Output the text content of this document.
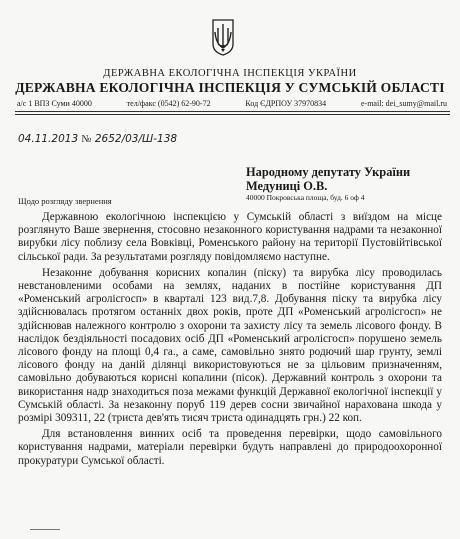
ДЕРЖАВНА ЕКОЛОГІЧНА ІНСПЕКЦІЯ УКРАЇНИ
ДЕРЖАВНА ЕКОЛОГІЧНА ІНСПЕКЦІЯ У СУМСЬКІЙ ОБЛАСТІ
а/с 1 ВПЗ Суми 40000	тел/факс (0542) 62-90-72	Код ЄДРПОУ 37970834	e-mail: dei_sumy@mail.ru
04.11.2013 № 2652/03/Ш-138
Народному депутату України
Медуниці О.В.
40000 Покровська площа, буд. 6 оф 4
Щодо розгляду звернення

Державною екологічною інспекцією у Сумській області з виїздом на місце розглянуто Ваше звернення, стосовно незаконного користування надрами та незаконної вирубки лісу поблизу села Вовківці, Роменського району на території Пустовійтівської сільської ради. За результатами розгляду повідомляємо наступне.

Незаконне добування корисних копалин (піску) та вирубка лісу проводилась невстановленими особами на землях, наданих в постійне користування ДП «Роменський агролісгосп» в кварталі 123 вид.7,8. Добування піску та вирубка лісу здійснювалась протягом останніх двох років, проте ДП «Роменський агролісгосп» не здійснював належного контролю з охорони та захисту лісу та земель лісового фонду. В наслідок бездіяльності посадових осіб ДП «Роменський агролісгосп» порушено земель лісового фонду на площі 0,4 га., а саме, самовільно знято родючий шар грунту, землі лісового фонду на даній ділянці використовуються не за цільовим призначенням, самовільно добуваються корисні копалини (пісок). Державний контроль з охорони та використання надр знаходиться поза межами функцій Державної екологічної інспекції у Сумській області. За незаконну поруб 119 дерев сосни звичайної нарахована шкода у розмірі 309311, 22 (триста дев'ять тисяч триста одинадцять грн.) 22 коп.

Для встановлення винних осіб та проведення перевірки, щодо самовільного користування надрами, матеріали перевірки будуть направлені до природоохоронної прокуратури Сумської області.
